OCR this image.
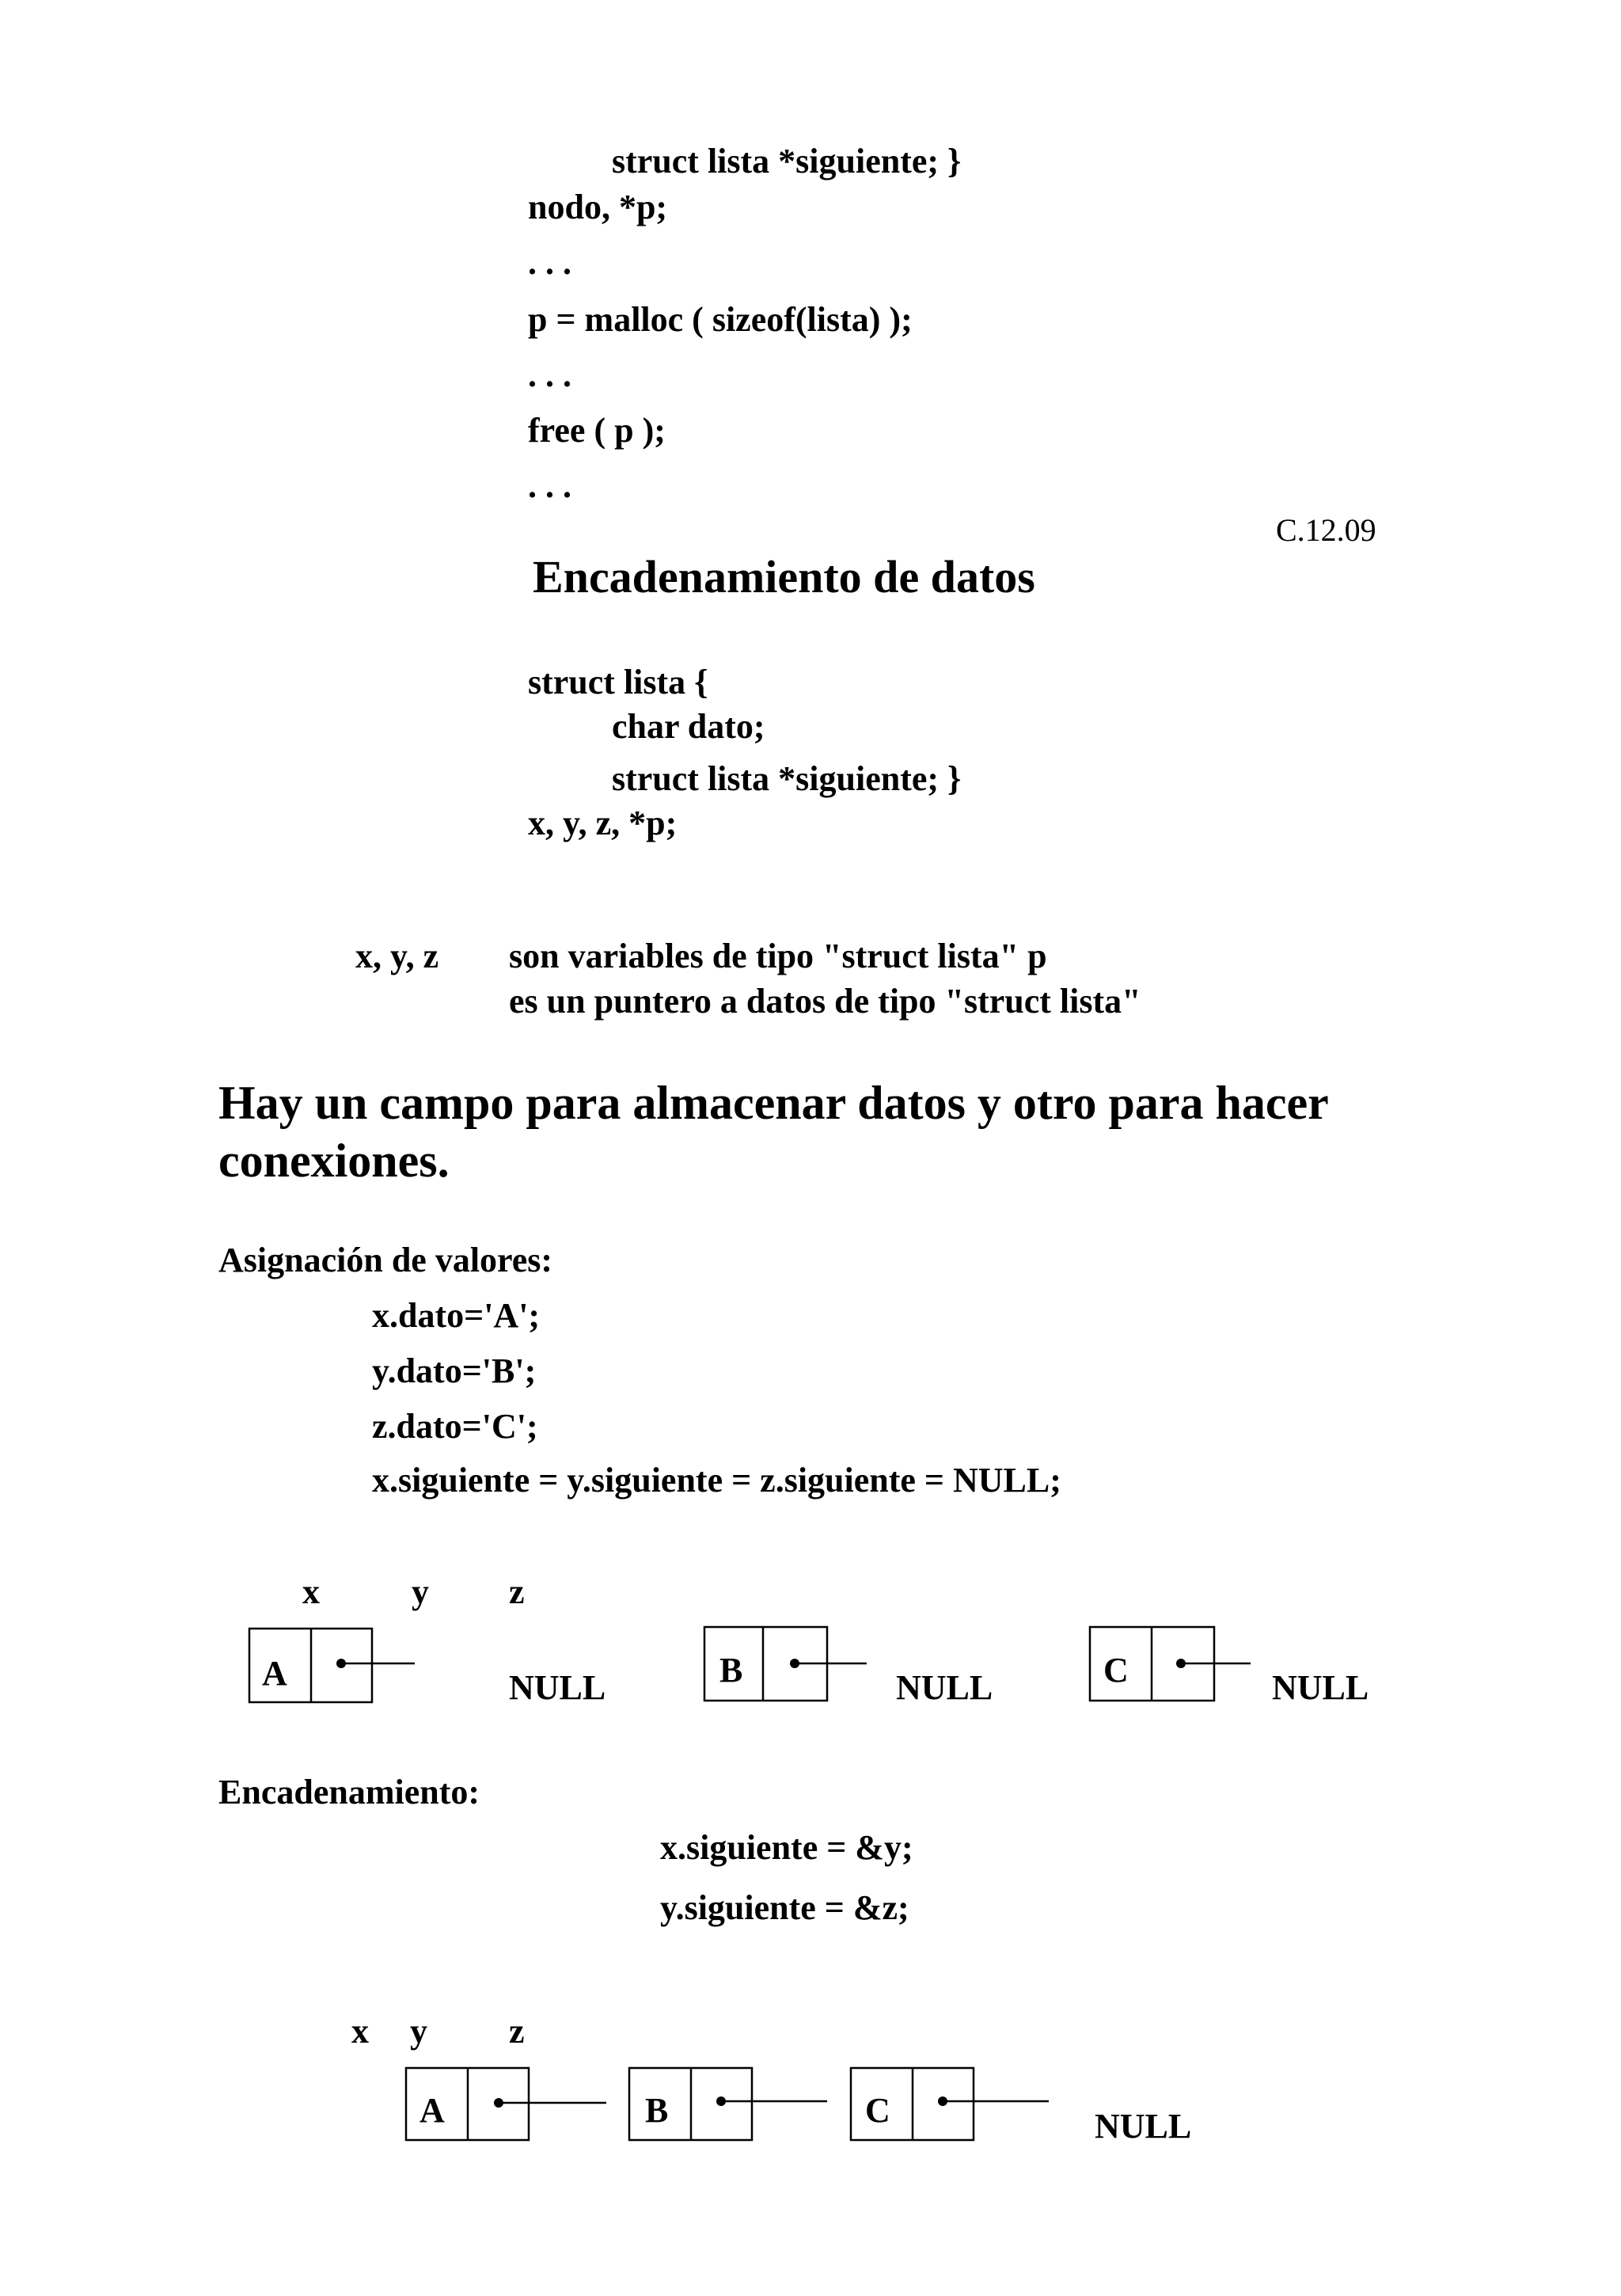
struct lista *siguiente; }
nodo, *p;
. . .
p = malloc ( sizeof(lista) );
. . .
free ( p );
. . .
C.12.09
Encadenamiento de datos
struct lista {
char dato;
struct lista *siguiente; }
x, y, z, *p;
x, y, z son variables de tipo "struct lista" p
es un puntero a datos de tipo "struct lista"
Hay un campo para almacenar datos y otro para hacer
conexiones.
Asignación de valores:
x.dato='A';
y.dato='B';
z.dato='C';
x.siguiente = y.siguiente = z.siguiente = NULL;
Encadenamiento:
x.siguiente = &y;
y.siguiente = &z;
x	y z
A	NULL	B	NULL	C	NULL
x y z
A	B	C	NULL
